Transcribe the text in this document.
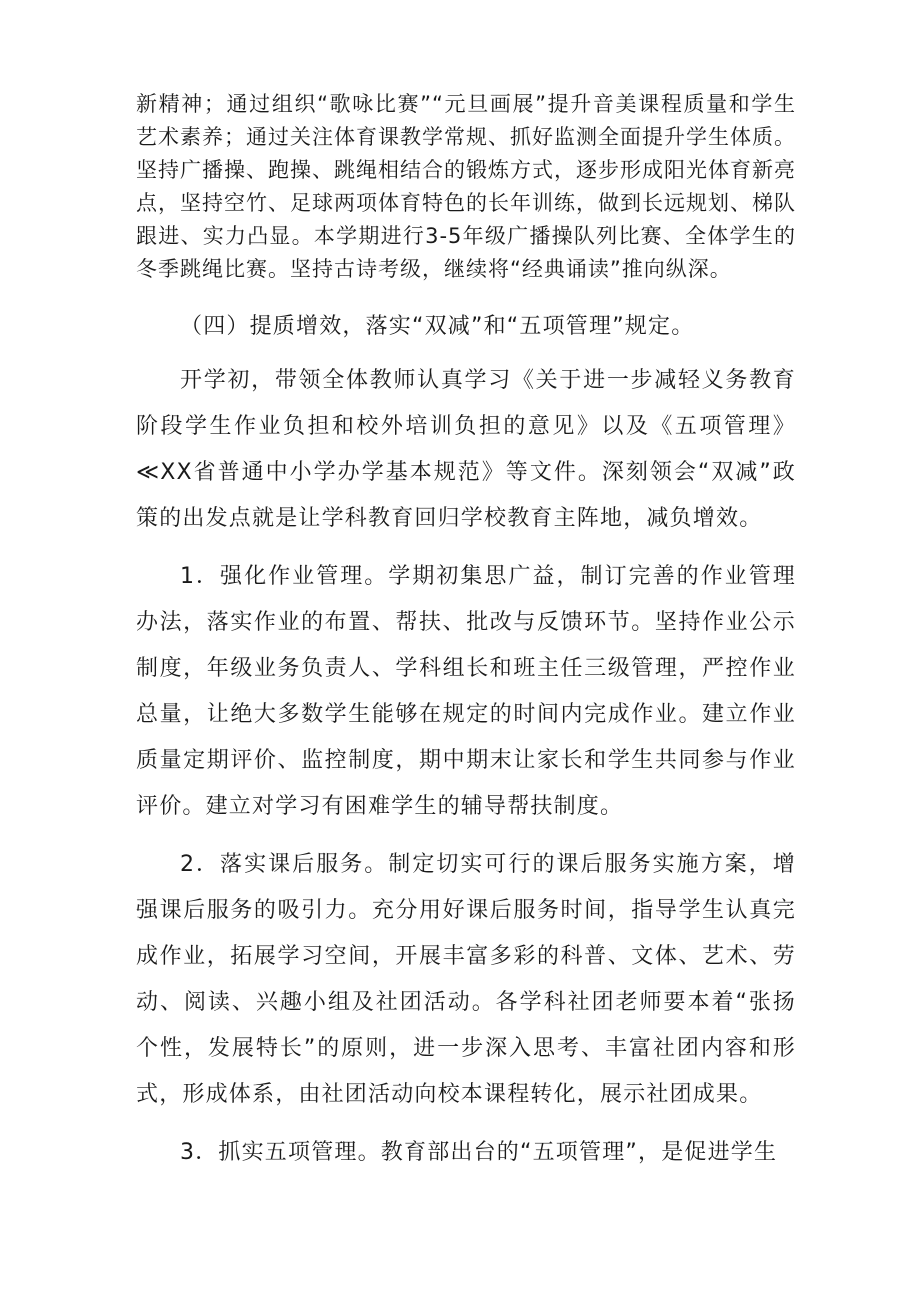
新精神；通过组织“歌咏比赛”“元旦画展”提升音美课程质量和学生艺术素养；通过关注体育课教学常规、抓好监测全面提升学生体质。坚持广播操、跑操、跳绳相结合的锻炼方式，逐步形成阳光体育新亮点，坚持空竹、足球两项体育特色的长年训练，做到长远规划、梯队跟进、实力凸显。本学期进行3-5年级广播操队列比赛、全体学生的冬季跳绳比赛。坚持古诗考级，继续将“经典诵读”推向纵深。

（四）提质增效，落实“双减”和“五项管理”规定。

开学初，带领全体教师认真学习《关于进一步减轻义务教育阶段学生作业负担和校外培训负担的意见》以及《五项管理》≪XX省普通中小学办学基本规范》等文件。深刻领会“双减”政策的出发点就是让学科教育回归学校教育主阵地，减负增效。

1．强化作业管理。学期初集思广益，制订完善的作业管理办法，落实作业的布置、帮扶、批改与反馈环节。坚持作业公示制度，年级业务负责人、学科组长和班主任三级管理，严控作业总量，让绝大多数学生能够在规定的时间内完成作业。建立作业质量定期评价、监控制度，期中期末让家长和学生共同参与作业评价。建立对学习有困难学生的辅导帮扶制度。

2．落实课后服务。制定切实可行的课后服务实施方案，增强课后服务的吸引力。充分用好课后服务时间，指导学生认真完成作业，拓展学习空间，开展丰富多彩的科普、文体、艺术、劳动、阅读、兴趣小组及社团活动。各学科社团老师要本着“张扬个性，发展特长”的原则，进一步深入思考、丰富社团内容和形式，形成体系，由社团活动向校本课程转化，展示社团成果。

3．抓实五项管理。教育部出台的“五项管理”，是促进学生
